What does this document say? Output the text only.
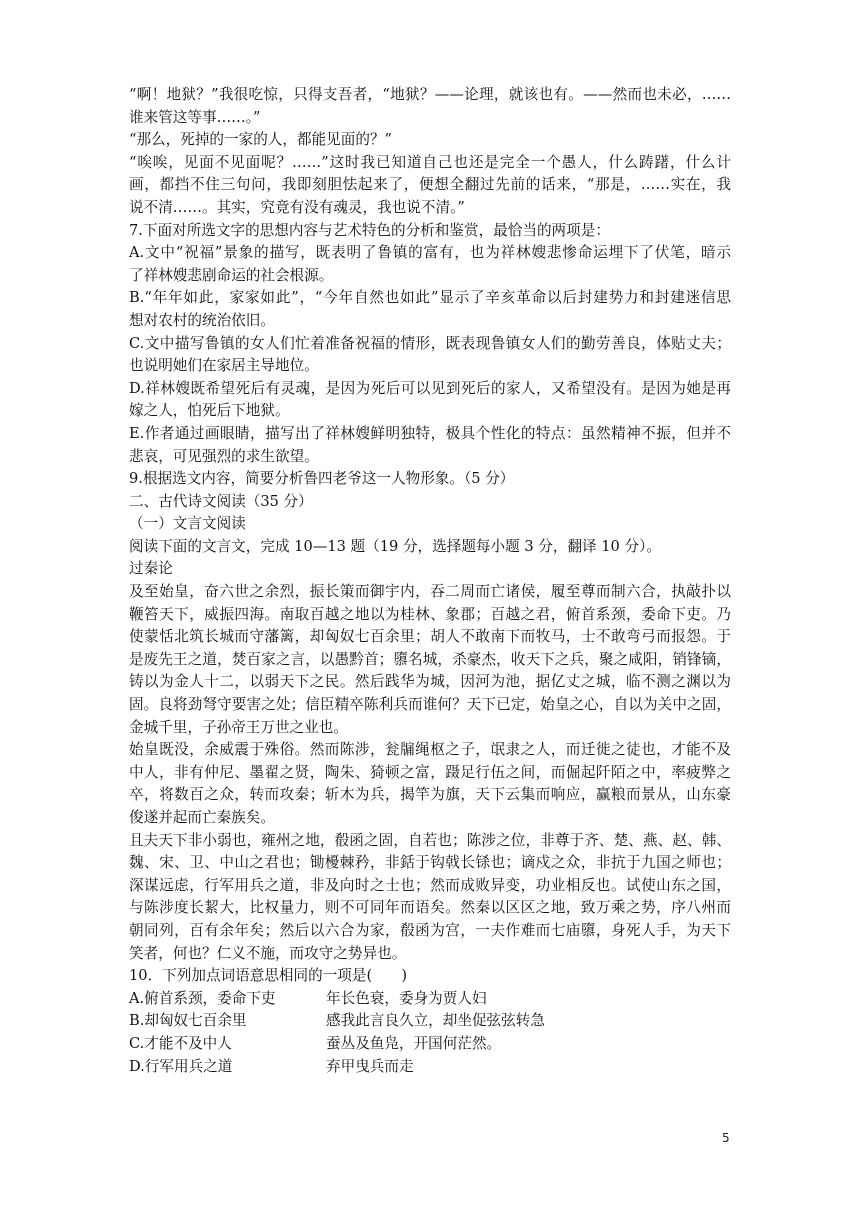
“啊！地狱？”我很吃惊，只得支吾者，“地狱？——论理，就该也有。——然而也未必，……
谁来管这等事……。”
“那么，死掉的一家的人，都能见面的？”
“唉唉，见面不见面呢？……”这时我已知道自己也还是完全一个愚人，什么踌躇，什么计
画，都挡不住三句问，我即刻胆怯起来了，便想全翻过先前的话来，“那是，……实在，我
说不清……。其实，究竟有没有魂灵，我也说不清。”
7.下面对所选文字的思想内容与艺术特色的分析和鉴赏，最恰当的两项是：
A.文中“祝福”景象的描写，既表明了鲁镇的富有，也为祥林嫂悲惨命运埋下了伏笔，暗示
了祥林嫂悲剧命运的社会根源。
B.“年年如此，家家如此”，“今年自然也如此”显示了辛亥革命以后封建势力和封建迷信思
想对农村的统治依旧。
C.文中描写鲁镇的女人们忙着准备祝福的情形，既表现鲁镇女人们的勤劳善良，体贴丈夫；
也说明她们在家居主导地位。
D.祥林嫂既希望死后有灵魂，是因为死后可以见到死后的家人，又希望没有。是因为她是再
嫁之人，怕死后下地狱。
E.作者通过画眼睛，描写出了祥林嫂鲜明独特，极具个性化的特点：虽然精神不振，但并不
悲哀，可见强烈的求生欲望。
9.根据选文内容，简要分析鲁四老爷这一人物形象。（5 分）
二、古代诗文阅读（35 分）
（一）文言文阅读
阅读下面的文言文，完成 10—13 题（19 分，选择题每小题 3 分，翻译 10 分）。
过秦论
及至始皇，奋六世之余烈，振长策而御宇内，吞二周而亡诸侯，履至尊而制六合，执敲扑以
鞭笞天下，威振四海。南取百越之地以为桂林、象郡；百越之君，俯首系颈，委命下吏。乃
使蒙恬北筑长城而守藩篱，却匈奴七百余里；胡人不敢南下而牧马，士不敢弯弓而报怨。于
是废先王之道，焚百家之言，以愚黔首；隳名城，杀豪杰，收天下之兵，聚之咸阳，销锋镝，
铸以为金人十二，以弱天下之民。然后践华为城，因河为池，据亿丈之城，临不测之渊以为
固。良将劲弩守要害之处；信臣精卒陈利兵而谁何？天下已定，始皇之心，自以为关中之固，
金城千里，子孙帝王万世之业也。
始皇既没，余威震于殊俗。然而陈涉，瓮牖绳枢之子，氓隶之人，而迁徙之徒也，才能不及
中人，非有仲尼、墨翟之贤，陶朱、猗顿之富，蹑足行伍之间，而倔起阡陌之中，率疲弊之
卒，将数百之众，转而攻秦；斩木为兵，揭竿为旗，天下云集而响应，赢粮而景从，山东豪
俊遂并起而亡秦族矣。
且夫天下非小弱也，雍州之地，殽函之固，自若也；陈涉之位，非尊于齐、楚、燕、赵、韩、
魏、宋、卫、中山之君也；锄櫌棘矜，非銛于钩戟长铩也；谪戍之众，非抗于九国之师也；
深谋远虑，行军用兵之道，非及向时之士也；然而成败异变，功业相反也。试使山东之国，
与陈涉度长絜大，比权量力，则不可同年而语矣。然秦以区区之地，致万乘之势，序八州而
朝同列，百有余年矣；然后以六合为家，殽函为宫，一夫作难而七庙隳，身死人手，为天下
笑者，何也？仁义不施，而攻守之势异也。
10．下列加点词语意思相同的一项是(　　)
A.俯首系颈，委命下吏	年长色衰，委身为贾人妇
B.却匈奴七百余里	感我此言良久立，却坐促弦弦转急
C.才能不及中人	蚕丛及鱼凫，开国何茫然。
D.行军用兵之道	弃甲曳兵而走
5
